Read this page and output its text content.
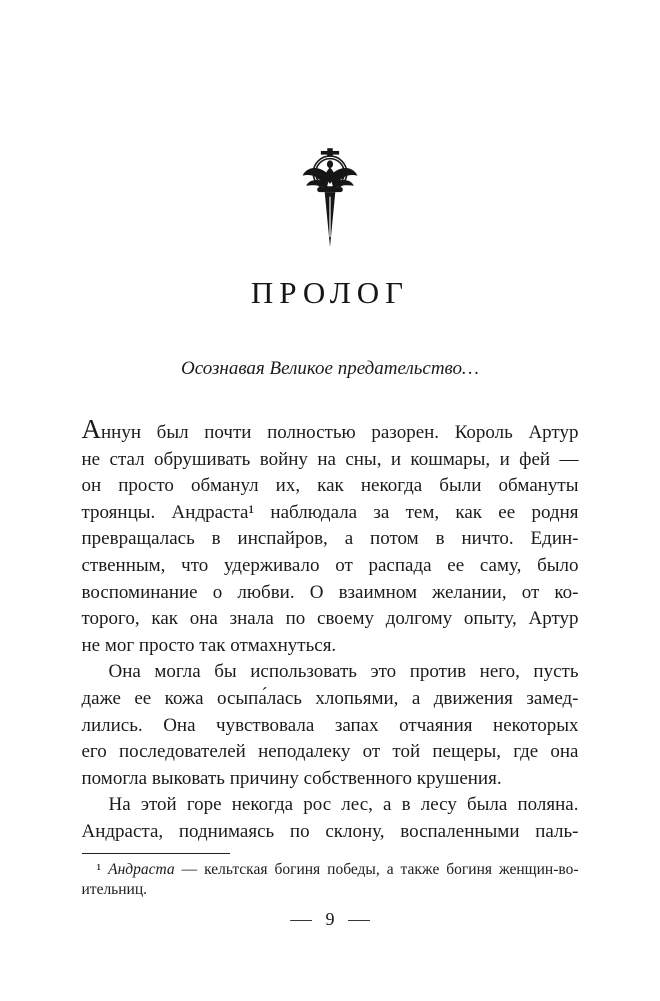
ПРОЛОГ
Осознавая Великое предательство…
Аннун был почти полностью разорен. Король Артур
не стал обрушивать войну на сны, и кошмары, и фей —
он просто обманул их, как некогда были обмануты
троянцы. Андраста¹ наблюдала за тем, как ее родня
превращалась в инспайров, а потом в ничто. Един-
ственным, что удерживало от распада ее саму, было
воспоминание о любви. О взаимном желании, от ко-
торого, как она знала по своему долгому опыту, Артур
не мог просто так отмахнуться.
Она могла бы использовать это против него, пусть
даже ее кожа осыпа́лась хлопьями, а движения замед-
лились. Она чувствовала запах отчаяния некоторых
его последователей неподалеку от той пещеры, где она
помогла выковать причину собственного крушения.
На этой горе некогда рос лес, а в лесу была поляна.
Андраста, поднимаясь по склону, воспаленными паль-
¹ Андраста — кельтская богиня победы, а также богиня женщин-во-
ительниц.
— 9 —
